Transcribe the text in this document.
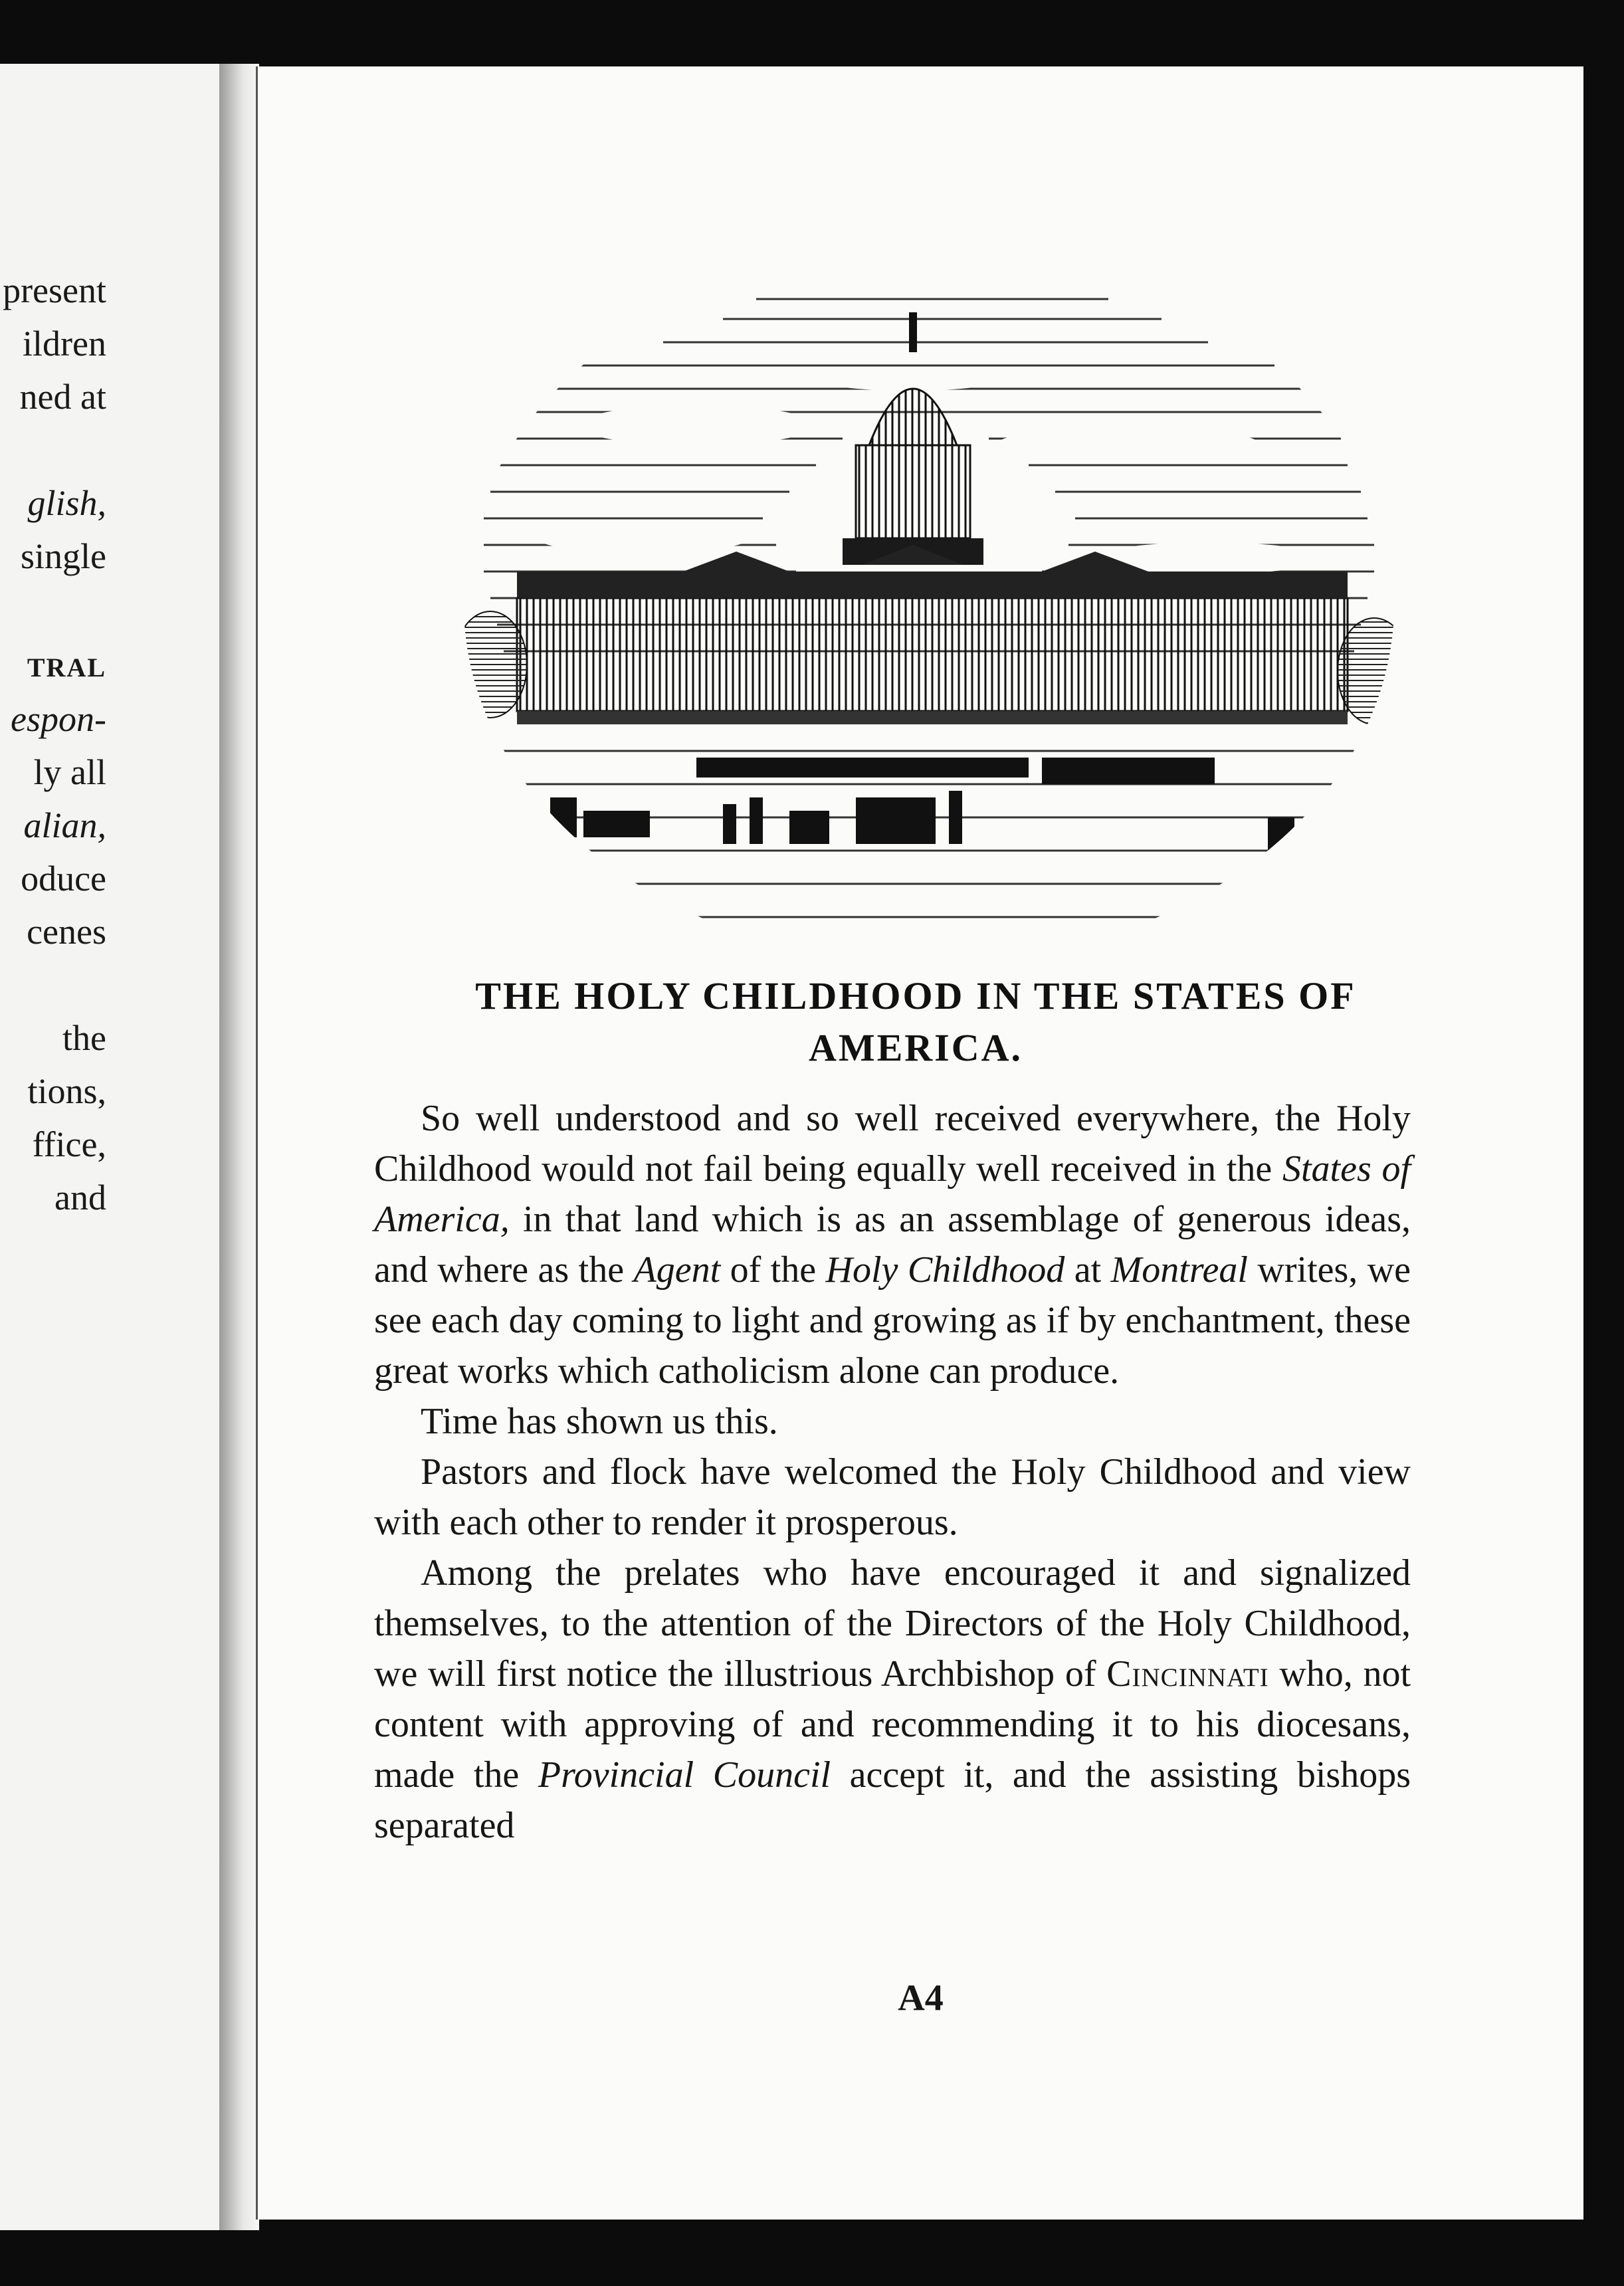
present
ildren
ned at
glish,
single
TRAL
espon-
ly all
alian,
oduce
cenes
the
tions,
ffice,
and
THE HOLY CHILDHOOD IN THE STATES OF
AMERICA.

So well understood and so well received everywhere, the Holy Childhood would not fail being equally well received in the States of America, in that land which is as an assemblage of generous ideas, and where as the Agent of the Holy Childhood at Montreal writes, we see each day coming to light and growing as if by enchantment, these great works which catholicism alone can produce.

Time has shown us this.

Pastors and flock have welcomed the Holy Childhood and view with each other to render it prosperous.

Among the prelates who have encouraged it and signalized themselves, to the attention of the Directors of the Holy Childhood, we will first notice the illustrious Archbishop of Cincinnati who, not content with approving of and recommending it to his diocesans, made the Provincial Council accept it, and the assisting bishops separated

A4
